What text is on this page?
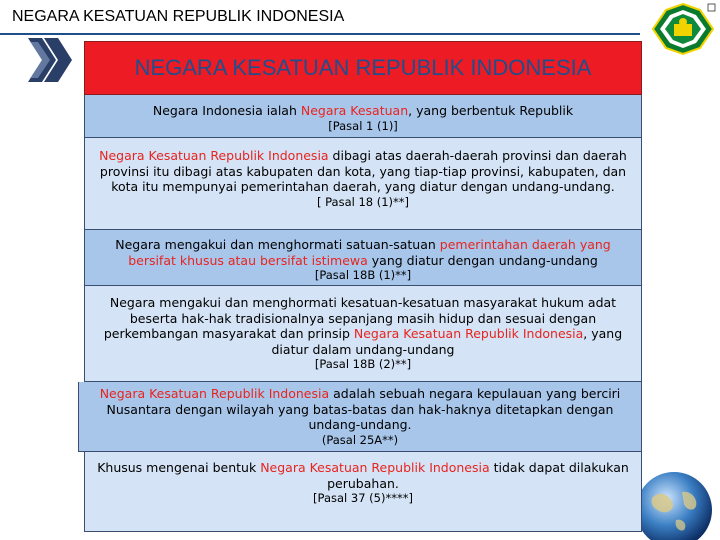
NEGARA KESATUAN REPUBLIK INDONESIA
NEGARA KESATUAN REPUBLIK INDONESIA
Negara Indonesia ialah Negara Kesatuan, yang berbentuk Republik
[Pasal 1 (1)]
Negara Kesatuan Republik Indonesia dibagi atas daerah-daerah provinsi dan daerah provinsi itu dibagi atas kabupaten dan kota, yang tiap-tiap provinsi, kabupaten, dan kota itu mempunyai pemerintahan daerah, yang diatur dengan undang-undang.
[ Pasal 18 (1)**]
Negara mengakui dan menghormati satuan-satuan pemerintahan daerah yang bersifat khusus atau bersifat istimewa yang diatur dengan undang-undang
[Pasal 18B (1)**]
Negara mengakui dan menghormati kesatuan-kesatuan masyarakat hukum adat beserta hak-hak tradisionalnya sepanjang masih hidup dan sesuai dengan perkembangan masyarakat dan prinsip Negara Kesatuan Republik Indonesia, yang diatur dalam undang-undang
[Pasal 18B (2)**]
Negara Kesatuan Republik Indonesia adalah sebuah negara kepulauan yang berciri Nusantara dengan wilayah yang batas-batas dan hak-haknya ditetapkan dengan undang-undang.
(Pasal 25A**)
Khusus mengenai bentuk Negara Kesatuan Republik Indonesia tidak dapat dilakukan perubahan.
[Pasal 37 (5)****]
